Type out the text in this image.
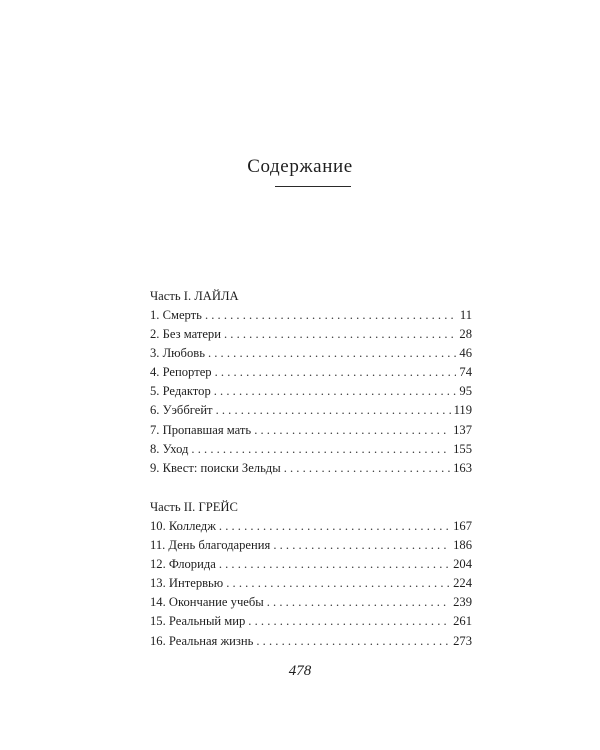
Содержание
Часть I. ЛАЙЛА
1. Смерть . . .	11
2. Без матери . . .	28
3. Любовь . . .	46
4. Репортер . . .	74
5. Редактор . . .	95
6. Уэббгейт . . .	119
7. Пропавшая мать . . .	137
8. Уход . . .	155
9. Квест: поиски Зельды . . .	163
Часть II. ГРЕЙС
10. Колледж . . .	167
11. День благодарения . . .	186
12. Флорида . . .	204
13. Интервью . . .	224
14. Окончание учебы . . .	239
15. Реальный мир . . .	261
16. Реальная жизнь . . .	273
478
